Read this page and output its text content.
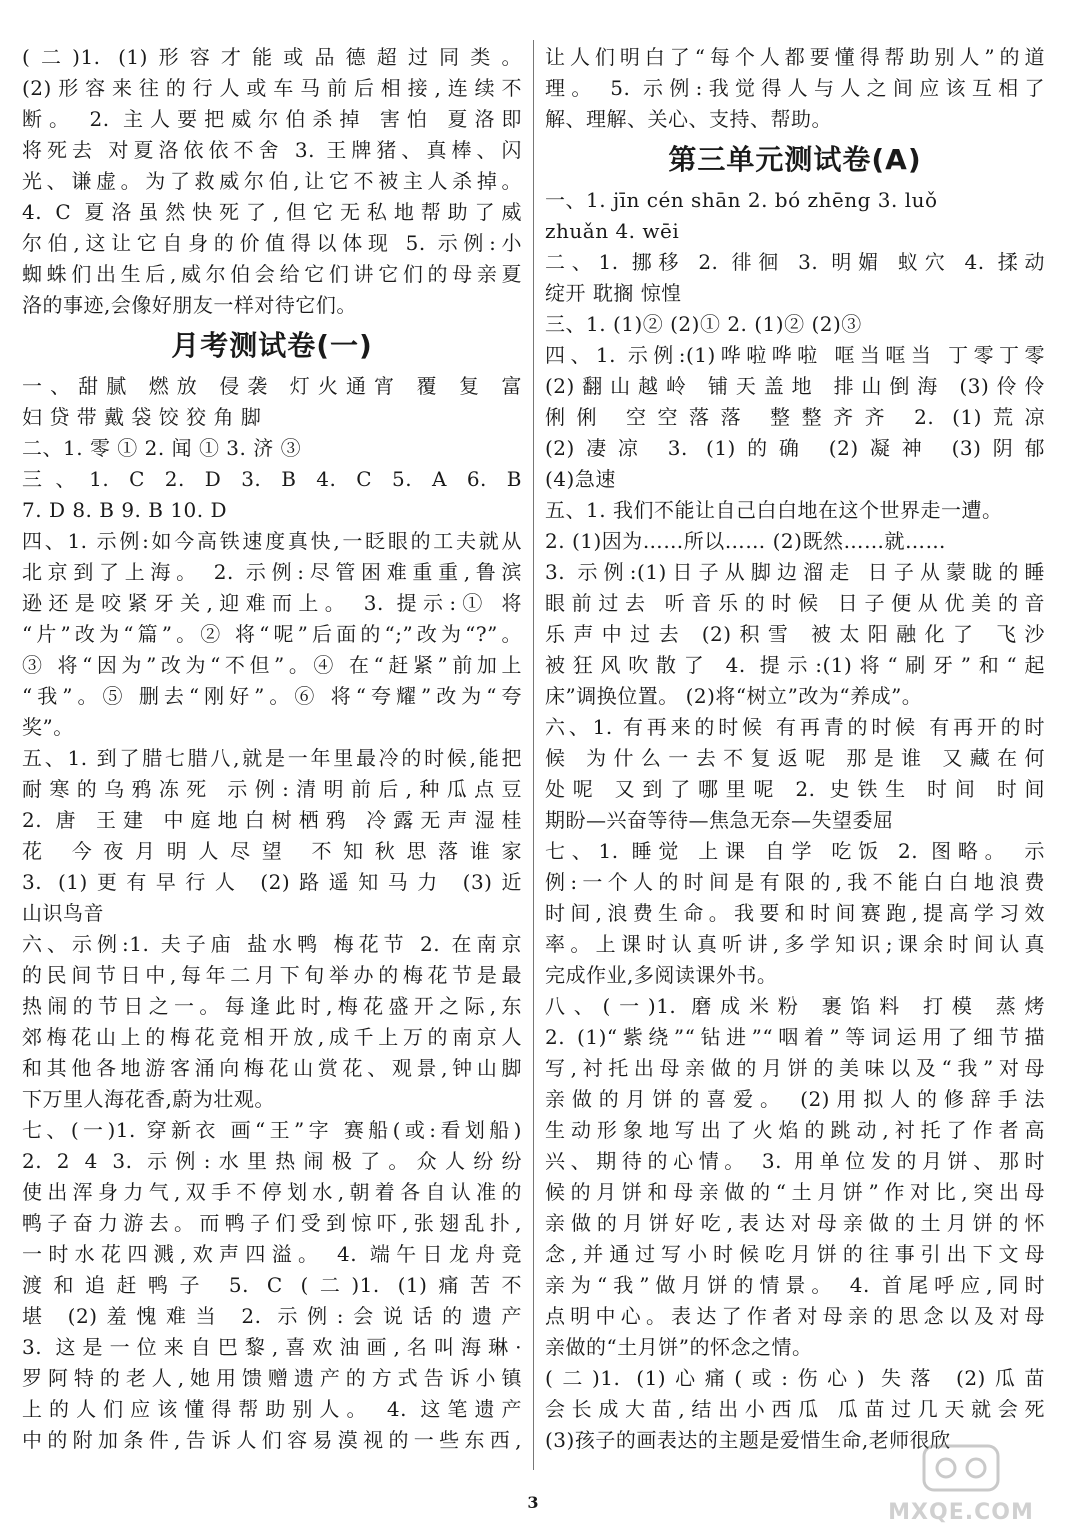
(二)1. (1)形容才能或品德超过同类。

(2)形容来往的行人或车马前后相接,连续不

断。 2. 主人要把威尔伯杀掉 害怕 夏洛即

将死去 对夏洛依依不舍 3. 王牌猪、真棒、闪

光、谦虚。为了救威尔伯,让它不被主人杀掉。

4. C 夏洛虽然快死了,但它无私地帮助了威

尔伯,这让它自身的价值得以体现 5. 示例:小

蜘蛛们出生后,威尔伯会给它们讲它们的母亲夏

洛的事迹,会像好朋友一样对待它们。

月考测试卷(一)

一、甜腻 燃放 侵袭 灯火通宵 覆 复 富

妇 贷 带 戴 袋 饺 狡 角 脚

二、1. 零 ① 2. 闻 ① 3. 济 ③

三、1. C 2. D 3. B 4. C 5. A 6. B

7. D 8. B 9. B 10. D

四、1. 示例:如今高铁速度真快,一眨眼的工夫就从

北京到了上海。 2. 示例:尽管困难重重,鲁滨

逊还是咬紧牙关,迎难而上。 3. 提示:① 将

“片”改为“篇”。② 将“呢”后面的“;”改为“?”。

③ 将“因为”改为“不但”。④ 在“赶紧”前加上

“我”。⑤ 删去“刚好”。⑥ 将“夸耀”改为“夸

奖”。

五、1. 到了腊七腊八,就是一年里最冷的时候,能把

耐寒的乌鸦冻死 示例:清明前后,种瓜点豆

2. 唐 王建 中庭地白树栖鸦 冷露无声湿桂

花 今夜月明人尽望 不知秋思落谁家

3. (1)更有早行人 (2)路遥知马力 (3)近

山识鸟音

六、示例:1. 夫子庙 盐水鸭 梅花节 2. 在南京

的民间节日中,每年二月下旬举办的梅花节是最

热闹的节日之一。每逢此时,梅花盛开之际,东

郊梅花山上的梅花竞相开放,成千上万的南京人

和其他各地游客涌向梅花山赏花、观景,钟山脚

下万里人海花香,蔚为壮观。

七、(一)1. 穿新衣 画“王”字 赛船(或:看划船)

2. 2 4 3. 示例:水里热闹极了。众人纷纷

使出浑身力气,双手不停划水,朝着各自认准的

鸭子奋力游去。而鸭子们受到惊吓,张翅乱扑,

一时水花四溅,欢声四溢。 4. 端午日龙舟竞

渡和追赶鸭子 5. C (二)1. (1)痛苦不

堪 (2)羞愧难当 2. 示例:会说话的遗产

3. 这是一位来自巴黎,喜欢油画,名叫海琳·

罗阿特的老人,她用馈赠遗产的方式告诉小镇

上的人们应该懂得帮助别人。 4. 这笔遗产

中的附加条件,告诉人们容易漠视的一些东西,

让人们明白了“每个人都要懂得帮助别人”的道

理。 5. 示例:我觉得人与人之间应该互相了

解、理解、关心、支持、帮助。

第三单元测试卷(A)

一、1. jīn cén shān 2. bó zhēng 3. luǒ

zhuǎn 4. wēi

二、1. 挪移 2. 徘徊 3. 明媚 蚁穴 4. 揉动

绽开 耽搁 惊惶

三、1. (1)② (2)① 2. (1)② (2)③

四、1. 示例:(1)哗啦哗啦 哐当哐当 丁零丁零

(2)翻山越岭 铺天盖地 排山倒海 (3)伶伶

俐俐 空空落落 整整齐齐 2. (1)荒凉

(2)凄凉 3. (1)的确 (2)凝神 (3)阴郁

(4)急速

五、1. 我们不能让自己白白地在这个世界走一遭。

2. (1)因为……所以…… (2)既然……就……

3. 示例:(1)日子从脚边溜走 日子从蒙眬的睡

眼前过去 听音乐的时候 日子便从优美的音

乐声中过去 (2)积雪 被太阳融化了 飞沙

被狂风吹散了 4. 提示:(1)将“刷牙”和“起

床”调换位置。 (2)将“树立”改为“养成”。

六、1. 有再来的时候 有再青的时候 有再开的时

候 为什么一去不复返呢 那是谁 又藏在何

处呢 又到了哪里呢 2. 史铁生 时间 时间

期盼—兴奋等待—焦急无奈—失望委屈

七、1. 睡觉 上课 自学 吃饭 2. 图略。 示

例:一个人的时间是有限的,我不能白白地浪费

时间,浪费生命。我要和时间赛跑,提高学习效

率。上课时认真听讲,多学知识;课余时间认真

完成作业,多阅读课外书。

八、(一)1. 磨成米粉 裹馅料 打模 蒸烤

2. (1)“紫绕”“钻进”“咽着”等词运用了细节描

写,衬托出母亲做的月饼的美味以及“我”对母

亲做的月饼的喜爱。 (2)用拟人的修辞手法

生动形象地写出了火焰的跳动,衬托了作者高

兴、期待的心情。 3. 用单位发的月饼、那时

候的月饼和母亲做的“土月饼”作对比,突出母

亲做的月饼好吃,表达对母亲做的土月饼的怀

念,并通过写小时候吃月饼的往事引出下文母

亲为“我”做月饼的情景。 4. 首尾呼应,同时

点明中心。表达了作者对母亲的思念以及对母

亲做的“土月饼”的怀念之情。

(二)1. (1)心痛(或:伤心) 失落 (2)瓜苗

会长成大苗,结出小西瓜 瓜苗过几天就会死

(3)孩子的画表达的主题是爱惜生命,老师很欣

3	MXQE.COM
